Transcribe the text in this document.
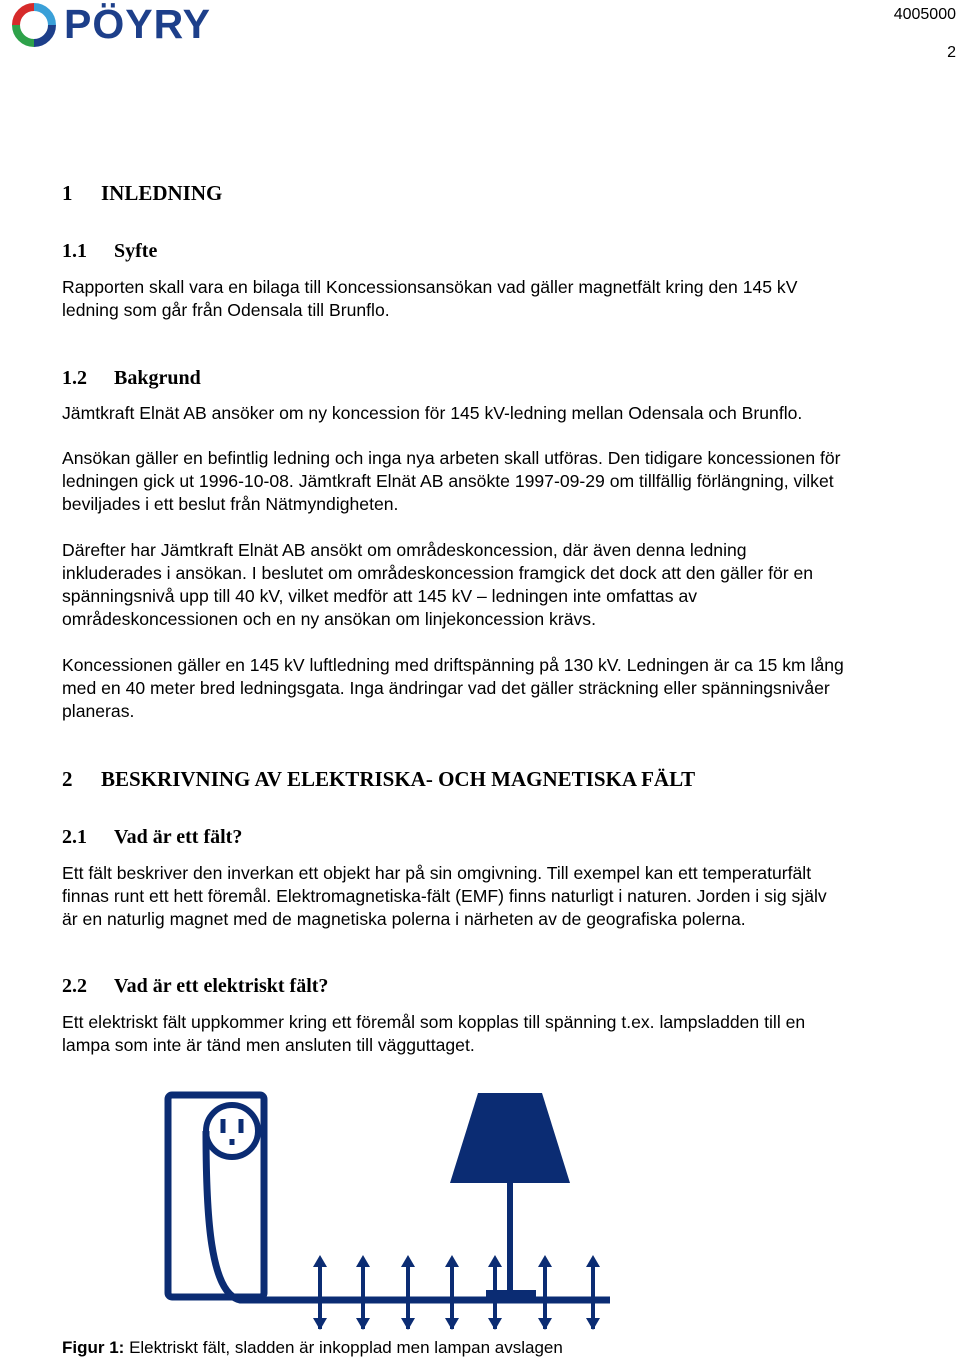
PÖYRY	4005000
2
1 INLEDNING
1.1 Syfte
Rapporten skall vara en bilaga till Koncessionsansökan vad gäller magnetfält kring den 145 kV
ledning som går från Odensala till Brunflo.
1.2 Bakgrund
Jämtkraft Elnät AB ansöker om ny koncession för 145 kV-ledning mellan Odensala och Brunflo.
Ansökan gäller en befintlig ledning och inga nya arbeten skall utföras. Den tidigare koncessionen för
ledningen gick ut 1996-10-08. Jämtkraft Elnät AB ansökte 1997-09-29 om tillfällig förlängning, vilket
beviljades i ett beslut från Nätmyndigheten.
Därefter har Jämtkraft Elnät AB ansökt om områdeskoncession, där även denna ledning
inkluderades i ansökan. I beslutet om områdeskoncession framgick det dock att den gäller för en
spänningsnivå upp till 40 kV, vilket medför att 145 kV – ledningen inte omfattas av
områdeskoncessionen och en ny ansökan om linjekoncession krävs.
Koncessionen gäller en 145 kV luftledning med driftspänning på 130 kV. Ledningen är ca 15 km lång
med en 40 meter bred ledningsgata. Inga ändringar vad det gäller sträckning eller spänningsnivåer
planeras.
2 BESKRIVNING AV ELEKTRISKA- OCH MAGNETISKA FÄLT
2.1 Vad är ett fält?
Ett fält beskriver den inverkan ett objekt har på sin omgivning. Till exempel kan ett temperaturfält
finnas runt ett hett föremål. Elektromagnetiska-fält (EMF) finns naturligt i naturen. Jorden i sig själv
är en naturlig magnet med de magnetiska polerna i närheten av de geografiska polerna.
2.2 Vad är ett elektriskt fält?
Ett elektriskt fält uppkommer kring ett föremål som kopplas till spänning t.ex. lampsladden till en
lampa som inte är tänd men ansluten till vägguttaget.
Figur 1: Elektriskt fält, sladden är inkopplad men lampan avslagen
